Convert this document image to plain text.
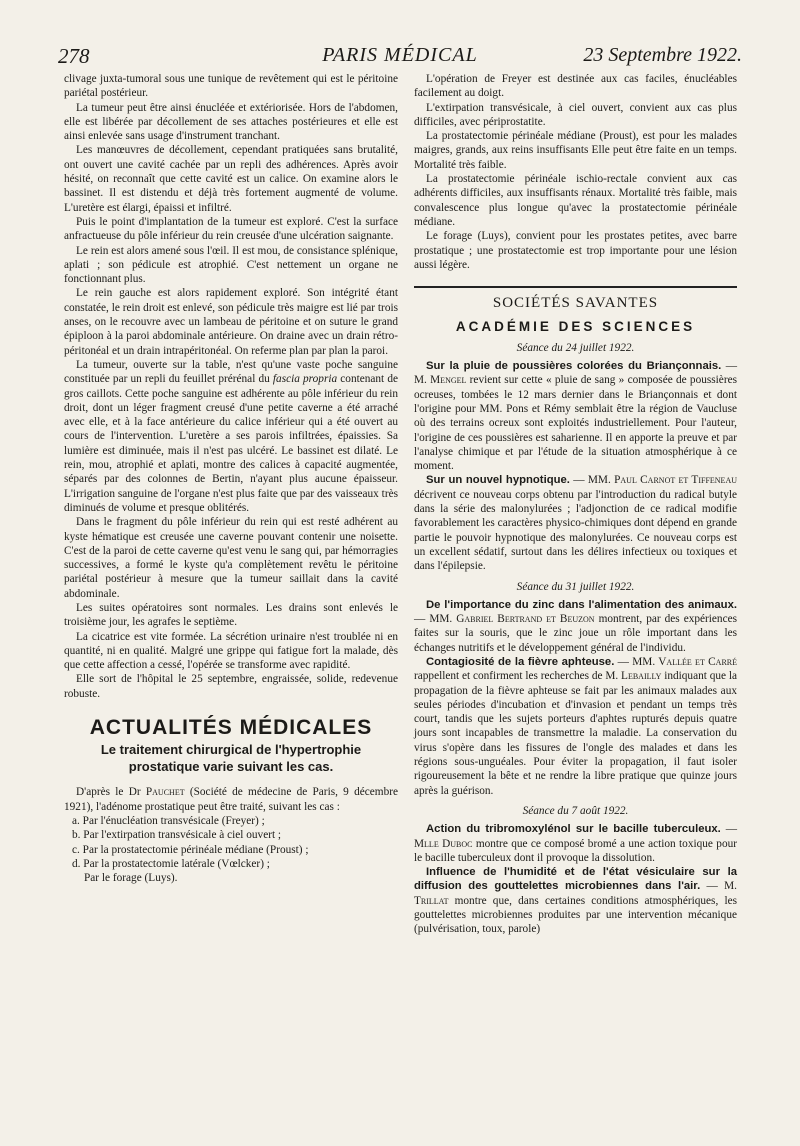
278	PARIS MÉDICAL	23 Septembre 1922.

clivage juxta-tumoral sous une tunique de revêtement qui est le péritoine pariétal postérieur.

La tumeur peut être ainsi énucléée et extériorisée. Hors de l'abdomen, elle est libérée par décollement de ses attaches postérieures et elle est ainsi enlevée sans usage d'instrument tranchant.

Les manœuvres de décollement, cependant pratiquées sans brutalité, ont ouvert une cavité cachée par un repli des adhérences. Après avoir hésité, on reconnaît que cette cavité est un calice. On examine alors le bassinet. Il est distendu et déjà très fortement augmenté de volume. L'uretère est élargi, épaissi et infiltré.

Puis le point d'implantation de la tumeur est exploré. C'est la surface anfractueuse du pôle inférieur du rein creusée d'une ulcération saignante.

Le rein est alors amené sous l'œil. Il est mou, de consistance splénique, aplati ; son pédicule est atrophié. C'est nettement un organe ne fonctionnant plus.

Le rein gauche est alors rapidement exploré. Son intégrité étant constatée, le rein droit est enlevé, son pédicule très maigre est lié par trois anses, on le recouvre avec un lambeau de péritoine et on suture le grand épiploon à la paroi abdominale antérieure. On draine avec un drain rétro-péritonéal et un drain intrapéritonéal. On referme plan par plan la paroi.

La tumeur, ouverte sur la table, n'est qu'une vaste poche sanguine constituée par un repli du feuillet prérénal du fascia propria contenant de gros caillots. Cette poche sanguine est adhérente au pôle inférieur du rein droit, dont un léger fragment creusé d'une petite caverne a été arraché avec elle, et à la face antérieure du calice inférieur qui a été ouvert au cours de l'intervention. L'uretère a ses parois infiltrées, épaissies. Sa lumière est diminuée, mais il n'est pas ulcéré. Le bassinet est dilaté. Le rein, mou, atrophié et aplati, montre des calices à capacité augmentée, séparés par des colonnes de Bertin, n'ayant plus aucune épaisseur. L'irrigation sanguine de l'organe n'est plus faite que par des vaisseaux très diminués de volume et presque oblitérés.

Dans le fragment du pôle inférieur du rein qui est resté adhérent au kyste hématique est creusée une caverne pouvant contenir une noisette. C'est de la paroi de cette caverne qu'est venu le sang qui, par hémorragies successives, a formé le kyste qu'a complètement revêtu le péritoine pariétal postérieur à mesure que la tumeur saillait dans la cavité abdominale.

Les suites opératoires sont normales. Les drains sont enlevés le troisième jour, les agrafes le septième.

La cicatrice est vite formée. La sécrétion urinaire n'est troublée ni en quantité, ni en qualité. Malgré une grippe qui fatigue fort la malade, dès que cette affection a cessé, l'opérée se transforme avec rapidité.

Elle sort de l'hôpital le 25 septembre, engraissée, solide, redevenue robuste.

ACTUALITÉS MÉDICALES
Le traitement chirurgical de l'hypertrophie prostatique varie suivant les cas.

D'après le Dr Pauchet (Société de médecine de Paris, 9 décembre 1921), l'adénome prostatique peut être traité, suivant les cas :

a. Par l'énucléation transvésicale (Freyer) ;
b. Par l'extirpation transvésicale à ciel ouvert ;
c. Par la prostatectomie périnéale médiane (Proust) ;
d. Par la prostatectomie latérale (Vœlcker) ;
Par le forage (Luys).

L'opération de Freyer est destinée aux cas faciles, énucléables facilement au doigt.

L'extirpation transvésicale, à ciel ouvert, convient aux cas plus difficiles, avec périprostatite.

La prostatectomie périnéale médiane (Proust), est pour les malades maigres, grands, aux reins insuffisants Elle peut être faite en un temps. Mortalité très faible.

La prostatectomie périnéale ischio-rectale convient aux cas adhérents difficiles, aux insuffisants rénaux. Mortalité très faible, mais convalescence plus longue qu'avec la prostatectomie périnéale médiane.

Le forage (Luys), convient pour les prostates petites, avec barre prostatique ; une prostatectomie est trop importante pour une lésion aussi légère.

SOCIÉTÉS SAVANTES
ACADÉMIE DES SCIENCES

Séance du 24 juillet 1922.

Sur la pluie de poussières colorées du Briançonnais. — M. Mengel revient sur cette « pluie de sang » composée de poussières ocreuses, tombées le 12 mars dernier dans le Briançonnais et dont l'origine pour MM. Pons et Rémy semblait être la région de Vaucluse où des terrains ocreux sont exploités industriellement. Pour l'auteur, l'origine de ces poussières est saharienne. Il en apporte la preuve et par l'analyse chimique et par l'étude de la situation atmosphérique à ce moment.

Sur un nouvel hypnotique. — MM. Paul Carnot et Tiffeneau décrivent ce nouveau corps obtenu par l'introduction du radical butyle dans la série des malonylurées ; l'adjonction de ce radical modifie favorablement les caractères physico-chimiques dont dépend en grande partie le pouvoir hypnotique des malonylurées. Ce nouveau corps est un excellent sédatif, surtout dans les délires infectieux ou toxiques et dans l'épilepsie.

Séance du 31 juillet 1922.

De l'importance du zinc dans l'alimentation des animaux. — MM. Gabriel Bertrand et Beuzon montrent, par des expériences faites sur la souris, que le zinc joue un rôle important dans les échanges nutritifs et le développement général de l'individu.

Contagiosité de la fièvre aphteuse. — MM. Vallée et Carré rappellent et confirment les recherches de M. Lebailly indiquant que la propagation de la fièvre aphteuse se fait par les animaux malades aux seules périodes d'incubation et d'invasion et pendant un temps très court, tandis que les sujets porteurs d'aphtes rupturés depuis quatre jours sont incapables de transmettre la maladie. La conservation du virus s'opère dans les fissures de l'ongle des malades et dans les régions sous-unguéales. Pour éviter la propagation, il faut isoler rigoureusement la bête et ne rendre la libre pratique que quinze jours après la guérison.

Séance du 7 août 1922.

Action du tribromoxylénol sur le bacille tuberculeux. — Mlle Duboc montre que ce composé bromé a une action toxique pour le bacille tuberculeux dont il provoque la dissolution.

Influence de l'humidité et de l'état vésiculaire sur la diffusion des gouttelettes microbiennes dans l'air. — M. Trillat montre que, dans certaines conditions atmosphériques, les gouttelettes microbiennes produites par une intervention mécanique (pulvérisation, toux, parole)
